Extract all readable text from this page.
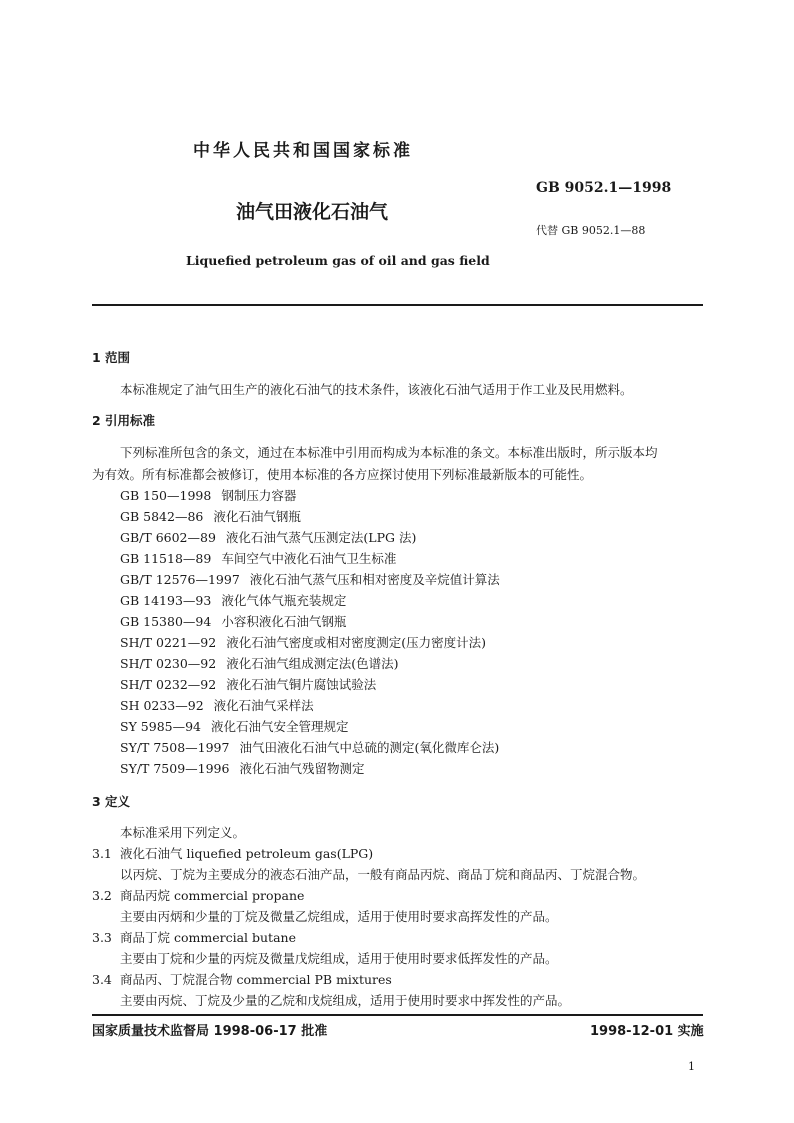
中华人民共和国国家标准
油气田液化石油气
Liquefied petroleum gas of oil and gas field
GB 9052.1—1998
代替 GB 9052.1—88
1 范围
本标准规定了油气田生产的液化石油气的技术条件，该液化石油气适用于作工业及民用燃料。
2 引用标准
下列标准所包含的条文，通过在本标准中引用而构成为本标准的条文。本标准出版时，所示版本均
为有效。所有标准都会被修订，使用本标准的各方应探讨使用下列标准最新版本的可能性。
GB 150—1998 钢制压力容器
GB 5842—86 液化石油气钢瓶
GB/T 6602—89 液化石油气蒸气压测定法(LPG 法)
GB 11518—89 车间空气中液化石油气卫生标准
GB/T 12576—1997 液化石油气蒸气压和相对密度及辛烷值计算法
GB 14193—93 液化气体气瓶充装规定
GB 15380—94 小容积液化石油气钢瓶
SH/T 0221—92 液化石油气密度或相对密度测定(压力密度计法)
SH/T 0230—92 液化石油气组成测定法(色谱法)
SH/T 0232—92 液化石油气铜片腐蚀试验法
SH 0233—92 液化石油气采样法
SY 5985—94 液化石油气安全管理规定
SY/T 7508—1997 油气田液化石油气中总硫的测定(氧化微库仑法)
SY/T 7509—1996 液化石油气残留物测定
3 定义
本标准采用下列定义。
3.1 液化石油气 liquefied petroleum gas(LPG)
以丙烷、丁烷为主要成分的液态石油产品，一般有商品丙烷、商品丁烷和商品丙、丁烷混合物。
3.2 商品丙烷 commercial propane
主要由丙炳和少量的丁烷及微量乙烷组成，适用于使用时要求高挥发性的产品。
3.3 商品丁烷 commercial butane
主要由丁烷和少量的丙烷及微量戊烷组成，适用于使用时要求低挥发性的产品。
3.4 商品丙、丁烷混合物 commercial PB mixtures
主要由丙烷、丁烷及少量的乙烷和戊烷组成，适用于使用时要求中挥发性的产品。
国家质量技术监督局 1998-06-17 批准	1998-12-01 实施
1
